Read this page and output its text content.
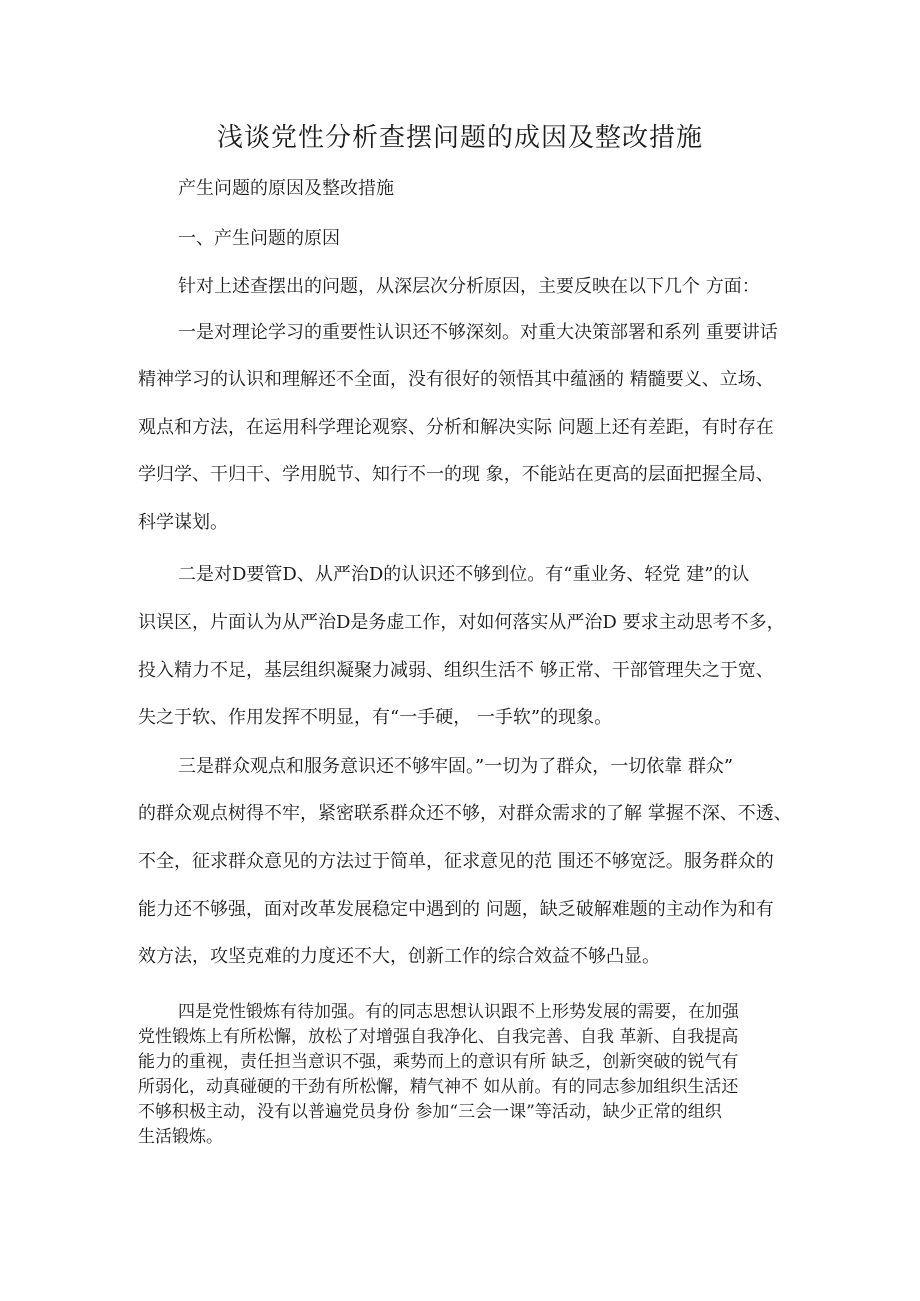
浅谈党性分析查摆问题的成因及整改措施
产生问题的原因及整改措施
一、产生问题的原因
针对上述查摆出的问题，从深层次分析原因，主要反映在以下几个 方面：
一是对理论学习的重要性认识还不够深刻。对重大决策部署和系列 重要讲话
精神学习的认识和理解还不全面，没有很好的领悟其中蕴涵的 精髓要义、立场、
观点和方法，在运用科学理论观察、分析和解决实际 问题上还有差距，有时存在
学归学、干归干、学用脱节、知行不一的现 象，不能站在更高的层面把握全局、
科学谋划。
二是对D要管D、从严治D的认识还不够到位。有“重业务、轻党 建”的认
识误区，片面认为从严治D是务虚工作，对如何落实从严治D 要求主动思考不多，
投入精力不足，基层组织凝聚力减弱、组织生活不 够正常、干部管理失之于宽、
失之于软、作用发挥不明显，有“一手硬， 一手软”的现象。
三是群众观点和服务意识还不够牢固。”一切为了群众，一切依靠 群众”
的群众观点树得不牢，紧密联系群众还不够，对群众需求的了解 掌握不深、不透、
不全，征求群众意见的方法过于简单，征求意见的范 围还不够宽泛。服务群众的
能力还不够强，面对改革发展稳定中遇到的 问题，缺乏破解难题的主动作为和有
效方法，攻坚克难的力度还不大，创新工作的综合效益不够凸显。
四是党性锻炼有待加强。有的同志思想认识跟不上形势发展的需要，在加强
党性锻炼上有所松懈，放松了对增强自我净化、自我完善、自我 革新、自我提高
能力的重视，责任担当意识不强，乘势而上的意识有所 缺乏，创新突破的锐气有
所弱化，动真碰硬的干劲有所松懈，精气神不 如从前。有的同志参加组织生活还
不够积极主动，没有以普遍党员身份 参加“三会一课”等活动，缺少正常的组织
生活锻炼。
